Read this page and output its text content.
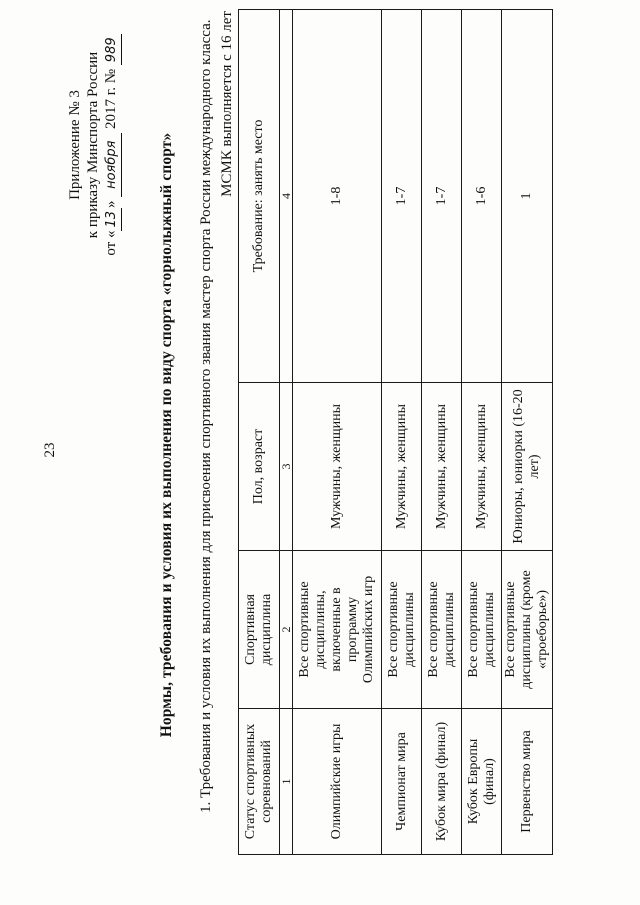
23
Приложение № 3 к приказу Минспорта России
от «13» ноября 2017 г. № 989
Нормы, требования и условия их выполнения по виду спорта «горнолыжный спорт» 1. Требования и условия их выполнения для присвоения спортивного звания мастер спорта России международного класса. МСМК выполняется с 16 лет
Статус спортивных соревнований	Спортивная дисциплина	Пол, возраст	Требование: занять место
1	2	3	4
Олимпийские игры	Все спортивные дисциплины, включенные в программу Олимпийских игр	Мужчины, женщины	1-8
Чемпионат мира	Все спортивные дисциплины	Мужчины, женщины	1-7
Кубок мира (финал)	Все спортивные дисциплины	Мужчины, женщины	1-7
Кубок Европы (финал)	Все спортивные дисциплины	Мужчины, женщины	1-6
Первенство мира	Все спортивные дисциплины (кроме «троеборье»)	Юниоры, юниорки (16-20 лет)	1
